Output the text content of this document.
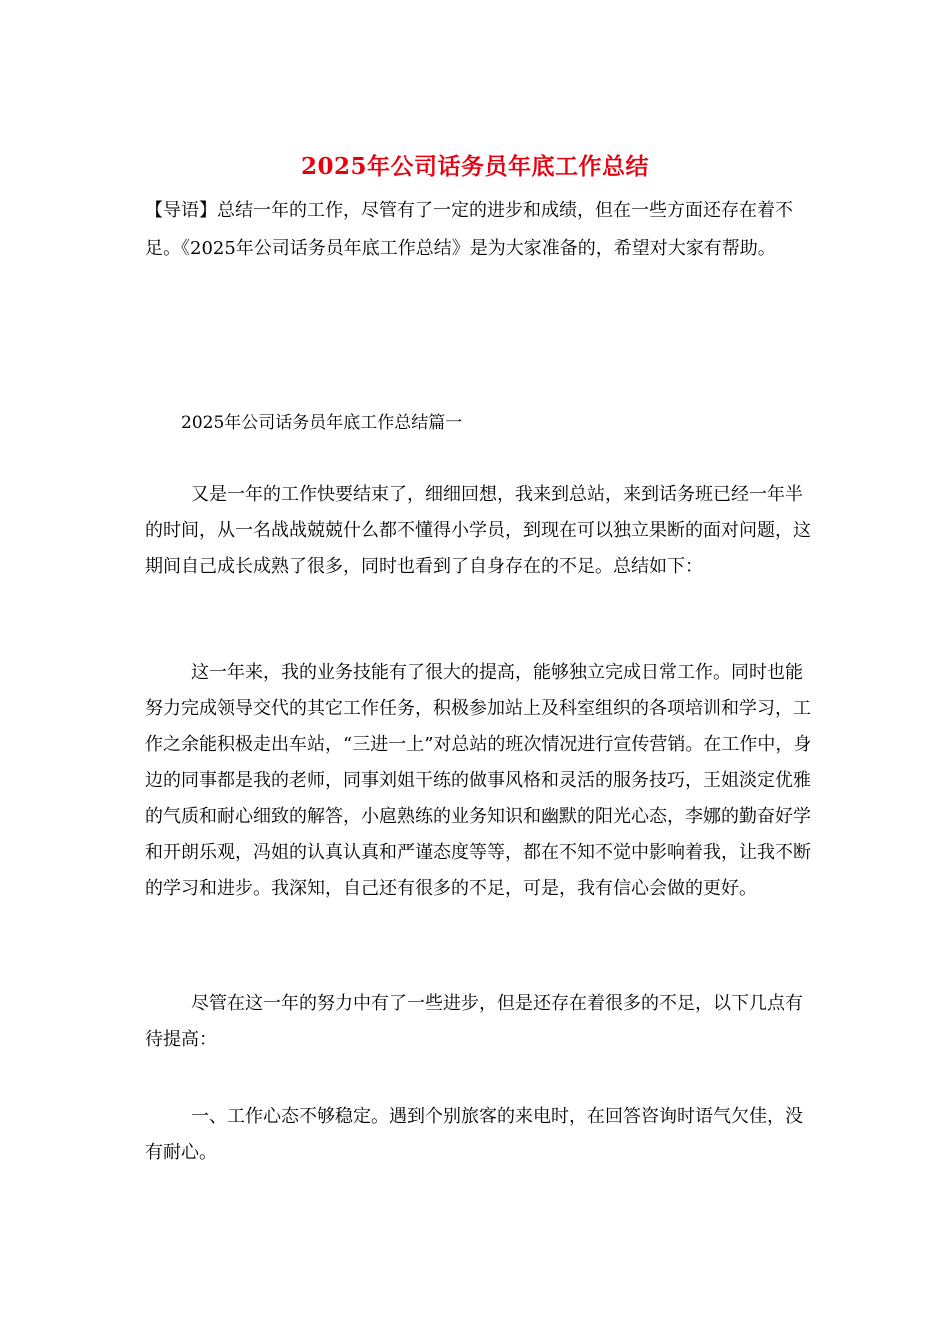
2025年公司话务员年底工作总结

【导语】总结一年的工作，尽管有了一定的进步和成绩，但在一些方面还存在着不足。《2025年公司话务员年底工作总结》是为大家准备的，希望对大家有帮助。

2025年公司话务员年底工作总结篇一

又是一年的工作快要结束了，细细回想，我来到总站，来到话务班已经一年半的时间，从一名战战兢兢什么都不懂得小学员，到现在可以独立果断的面对问题，这期间自己成长成熟了很多，同时也看到了自身存在的不足。总结如下：

这一年来，我的业务技能有了很大的提高，能够独立完成日常工作。同时也能努力完成领导交代的其它工作任务，积极参加站上及科室组织的各项培训和学习，工作之余能积极走出车站，“三进一上”对总站的班次情况进行宣传营销。在工作中，身边的同事都是我的老师，同事刘姐干练的做事风格和灵活的服务技巧，王姐淡定优雅的气质和耐心细致的解答，小扈熟练的业务知识和幽默的阳光心态，李娜的勤奋好学和开朗乐观，冯姐的认真认真和严谨态度等等，都在不知不觉中影响着我，让我不断的学习和进步。我深知，自己还有很多的不足，可是，我有信心会做的更好。

尽管在这一年的努力中有了一些进步，但是还存在着很多的不足，以下几点有待提高：

一、工作心态不够稳定。遇到个别旅客的来电时，在回答咨询时语气欠佳，没有耐心。
